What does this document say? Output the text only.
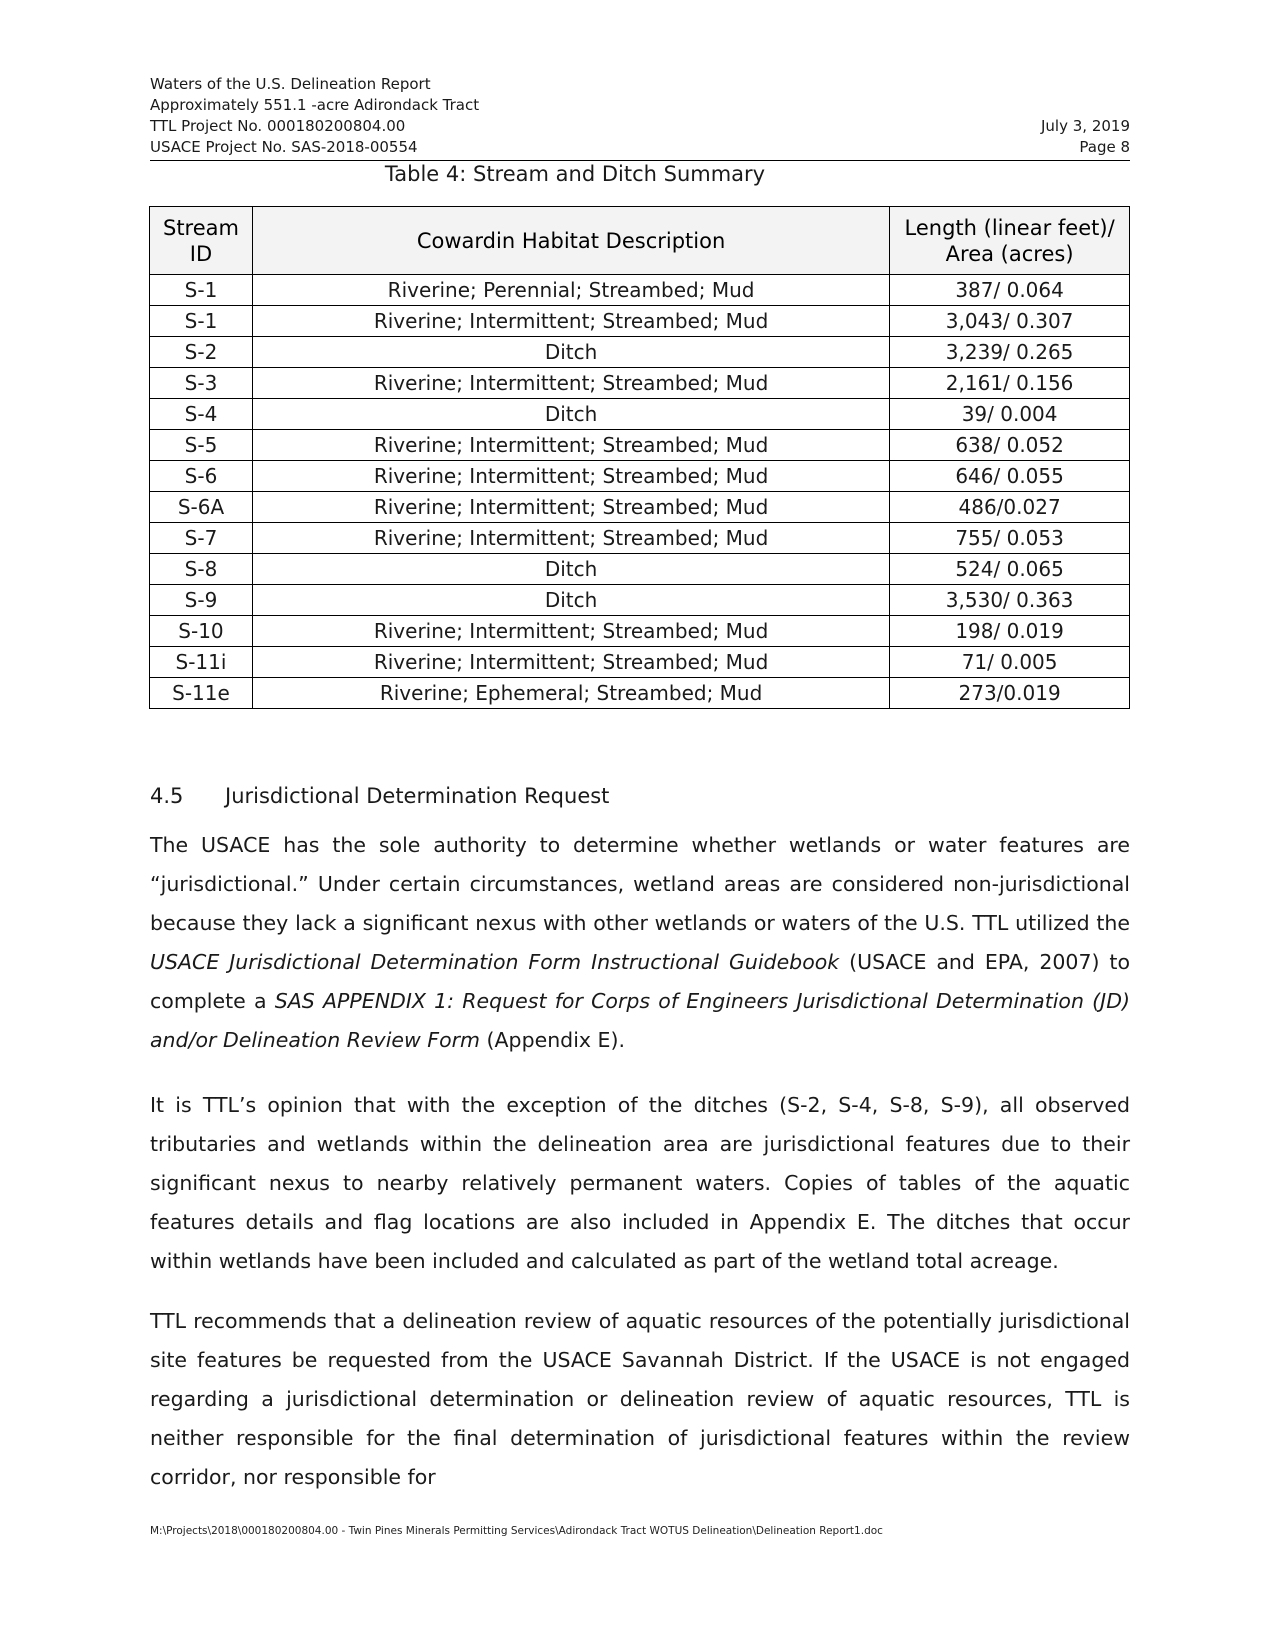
Waters of the U.S. Delineation Report
Approximately 551.1 -acre Adirondack Tract
TTL Project No. 000180200804.00	July 3, 2019
USACE Project No. SAS-2018-00554	Page 8
Table 4: Stream and Ditch Summary
Stream ID	Cowardin Habitat Description	Length (linear feet)/ Area (acres)
S-1	Riverine; Perennial; Streambed; Mud	387/ 0.064
S-1	Riverine; Intermittent; Streambed; Mud	3,043/ 0.307
S-2	Ditch	3,239/ 0.265
S-3	Riverine; Intermittent; Streambed; Mud	2,161/ 0.156
S-4	Ditch	39/ 0.004
S-5	Riverine; Intermittent; Streambed; Mud	638/ 0.052
S-6	Riverine; Intermittent; Streambed; Mud	646/ 0.055
S-6A	Riverine; Intermittent; Streambed; Mud	486/0.027
S-7	Riverine; Intermittent; Streambed; Mud	755/ 0.053
S-8	Ditch	524/ 0.065
S-9	Ditch	3,530/ 0.363
S-10	Riverine; Intermittent; Streambed; Mud	198/ 0.019
S-11i	Riverine; Intermittent; Streambed; Mud	71/ 0.005
S-11e	Riverine; Ephemeral; Streambed; Mud	273/0.019
4.5	Jurisdictional Determination Request
The USACE has the sole authority to determine whether wetlands or water features are “jurisdictional.” Under certain circumstances, wetland areas are considered non-jurisdictional because they lack a significant nexus with other wetlands or waters of the U.S. TTL utilized the USACE Jurisdictional Determination Form Instructional Guidebook (USACE and EPA, 2007) to complete a SAS APPENDIX 1: Request for Corps of Engineers Jurisdictional Determination (JD) and/or Delineation Review Form (Appendix E).
It is TTL’s opinion that with the exception of the ditches (S-2, S-4, S-8, S-9), all observed tributaries and wetlands within the delineation area are jurisdictional features due to their significant nexus to nearby relatively permanent waters. Copies of tables of the aquatic features details and flag locations are also included in Appendix E. The ditches that occur within wetlands have been included and calculated as part of the wetland total acreage.
TTL recommends that a delineation review of aquatic resources of the potentially jurisdictional site features be requested from the USACE Savannah District. If the USACE is not engaged regarding a jurisdictional determination or delineation review of aquatic resources, TTL is neither responsible for the final determination of jurisdictional features within the review corridor, nor responsible for
M:\Projects\2018\000180200804.00 - Twin Pines Minerals Permitting Services\Adirondack Tract WOTUS Delineation\Delineation Report1.doc
